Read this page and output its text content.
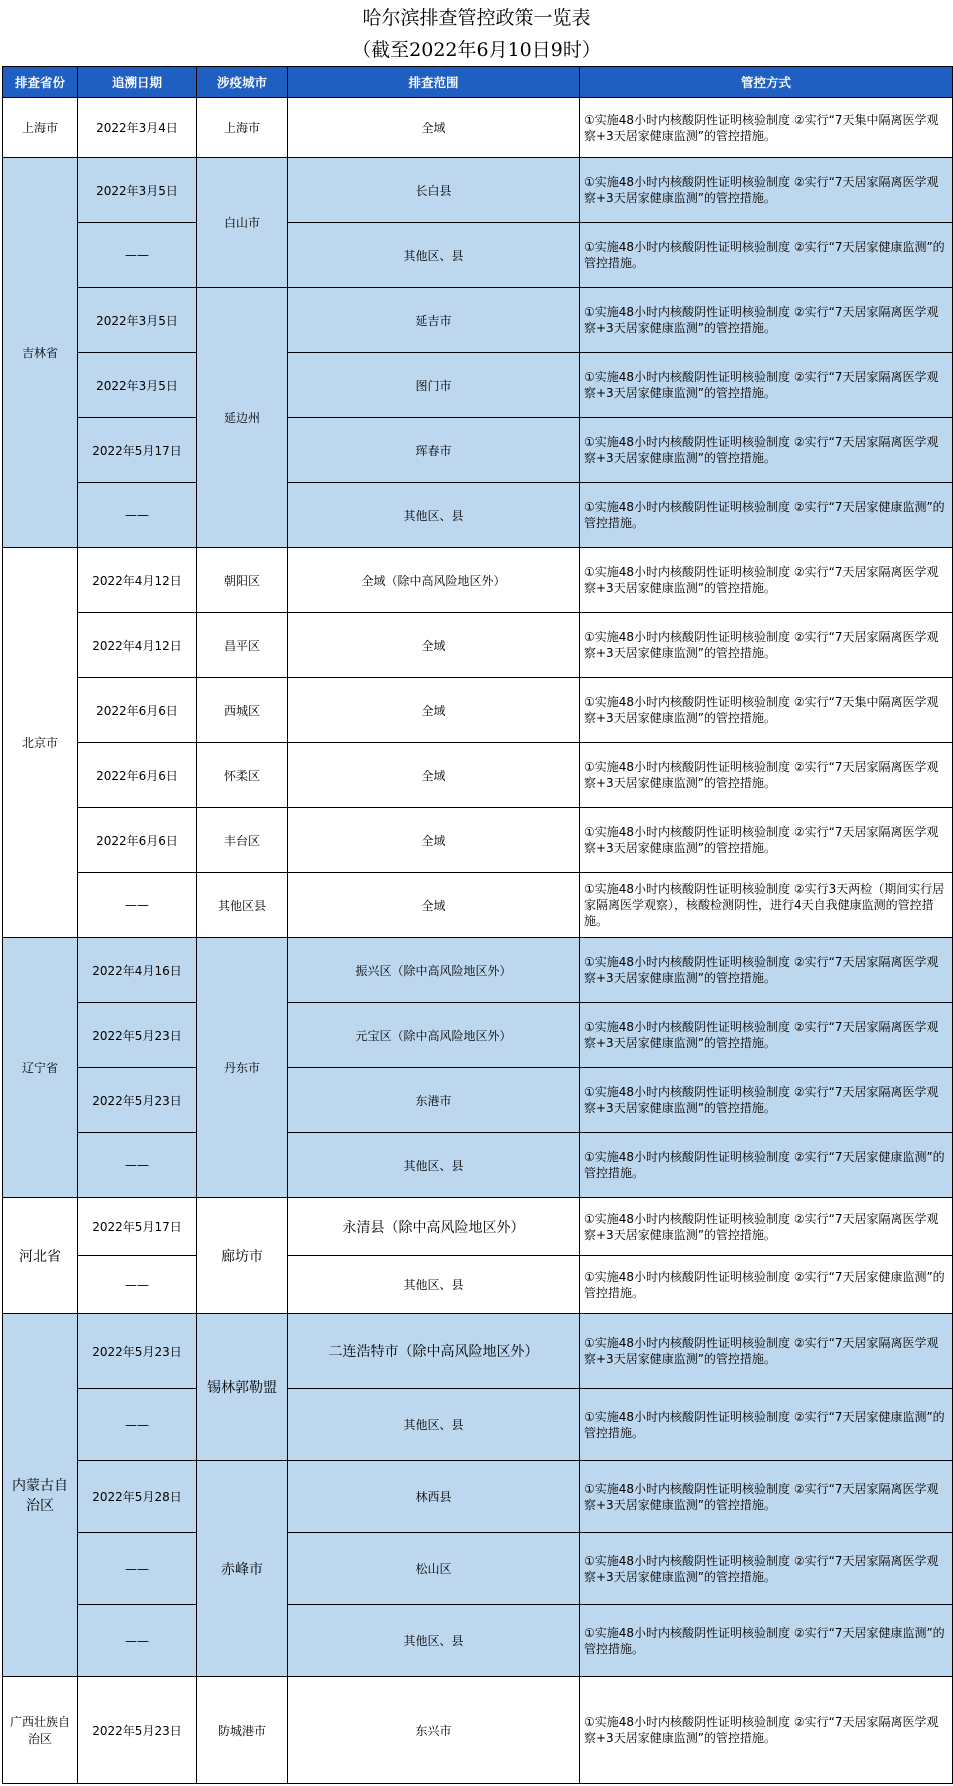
哈尔滨排查管控政策一览表
（截至2022年6月10日9时）
排查省份	追溯日期	涉疫城市	排查范围	管控方式
上海市	2022年3月4日	上海市	全域	①实施48小时内核酸阴性证明核验制度 ②实行“7天集中隔离医学观察+3天居家健康监测”的管控措施。
吉林省	2022年3月5日	白山市	长白县	①实施48小时内核酸阴性证明核验制度 ②实行“7天居家隔离医学观察+3天居家健康监测”的管控措施。
	——		其他区、县	①实施48小时内核酸阴性证明核验制度 ②实行“7天居家健康监测”的管控措施。
	2022年3月5日	延边州	延吉市	①实施48小时内核酸阴性证明核验制度 ②实行“7天居家隔离医学观察+3天居家健康监测”的管控措施。
	2022年3月5日		图门市	①实施48小时内核酸阴性证明核验制度 ②实行“7天居家隔离医学观察+3天居家健康监测”的管控措施。
	2022年5月17日		珲春市	①实施48小时内核酸阴性证明核验制度 ②实行“7天居家隔离医学观察+3天居家健康监测”的管控措施。
	——		其他区、县	①实施48小时内核酸阴性证明核验制度 ②实行“7天居家健康监测”的管控措施。
北京市	2022年4月12日	朝阳区	全域（除中高风险地区外）	①实施48小时内核酸阴性证明核验制度 ②实行“7天居家隔离医学观察+3天居家健康监测”的管控措施。
	2022年4月12日	昌平区	全域	①实施48小时内核酸阴性证明核验制度 ②实行“7天居家隔离医学观察+3天居家健康监测”的管控措施。
	2022年6月6日	西城区	全域	①实施48小时内核酸阴性证明核验制度 ②实行“7天集中隔离医学观察+3天居家健康监测”的管控措施。
	2022年6月6日	怀柔区	全域	①实施48小时内核酸阴性证明核验制度 ②实行“7天居家隔离医学观察+3天居家健康监测”的管控措施。
	2022年6月6日	丰台区	全域	①实施48小时内核酸阴性证明核验制度 ②实行“7天居家隔离医学观察+3天居家健康监测”的管控措施。
	——	其他区县	全域	①实施48小时内核酸阴性证明核验制度 ②实行3天两检（期间实行居家隔离医学观察），核酸检测阴性，进行4天自我健康监测的管控措施。
辽宁省	2022年4月16日	丹东市	振兴区（除中高风险地区外）	①实施48小时内核酸阴性证明核验制度 ②实行“7天居家隔离医学观察+3天居家健康监测”的管控措施。
	2022年5月23日		元宝区（除中高风险地区外）	①实施48小时内核酸阴性证明核验制度 ②实行“7天居家隔离医学观察+3天居家健康监测”的管控措施。
	2022年5月23日		东港市	①实施48小时内核酸阴性证明核验制度 ②实行“7天居家隔离医学观察+3天居家健康监测”的管控措施。
	——		其他区、县	①实施48小时内核酸阴性证明核验制度 ②实行“7天居家健康监测”的管控措施。
河北省	2022年5月17日	廊坊市	永清县（除中高风险地区外）	①实施48小时内核酸阴性证明核验制度 ②实行“7天居家隔离医学观察+3天居家健康监测”的管控措施。
	——		其他区、县	①实施48小时内核酸阴性证明核验制度 ②实行“7天居家健康监测”的管控措施。
内蒙古自治区	2022年5月23日	锡林郭勒盟	二连浩特市（除中高风险地区外）	①实施48小时内核酸阴性证明核验制度 ②实行“7天居家隔离医学观察+3天居家健康监测”的管控措施。
	——		其他区、县	①实施48小时内核酸阴性证明核验制度 ②实行“7天居家健康监测”的管控措施。
	2022年5月28日	赤峰市	林西县	①实施48小时内核酸阴性证明核验制度 ②实行“7天居家隔离医学观察+3天居家健康监测”的管控措施。
	——		松山区	①实施48小时内核酸阴性证明核验制度 ②实行“7天居家隔离医学观察+3天居家健康监测”的管控措施。
	——		其他区、县	①实施48小时内核酸阴性证明核验制度 ②实行“7天居家健康监测”的管控措施。
广西壮族自治区	2022年5月23日	防城港市	东兴市	①实施48小时内核酸阴性证明核验制度 ②实行“7天居家隔离医学观察+3天居家健康监测”的管控措施。
